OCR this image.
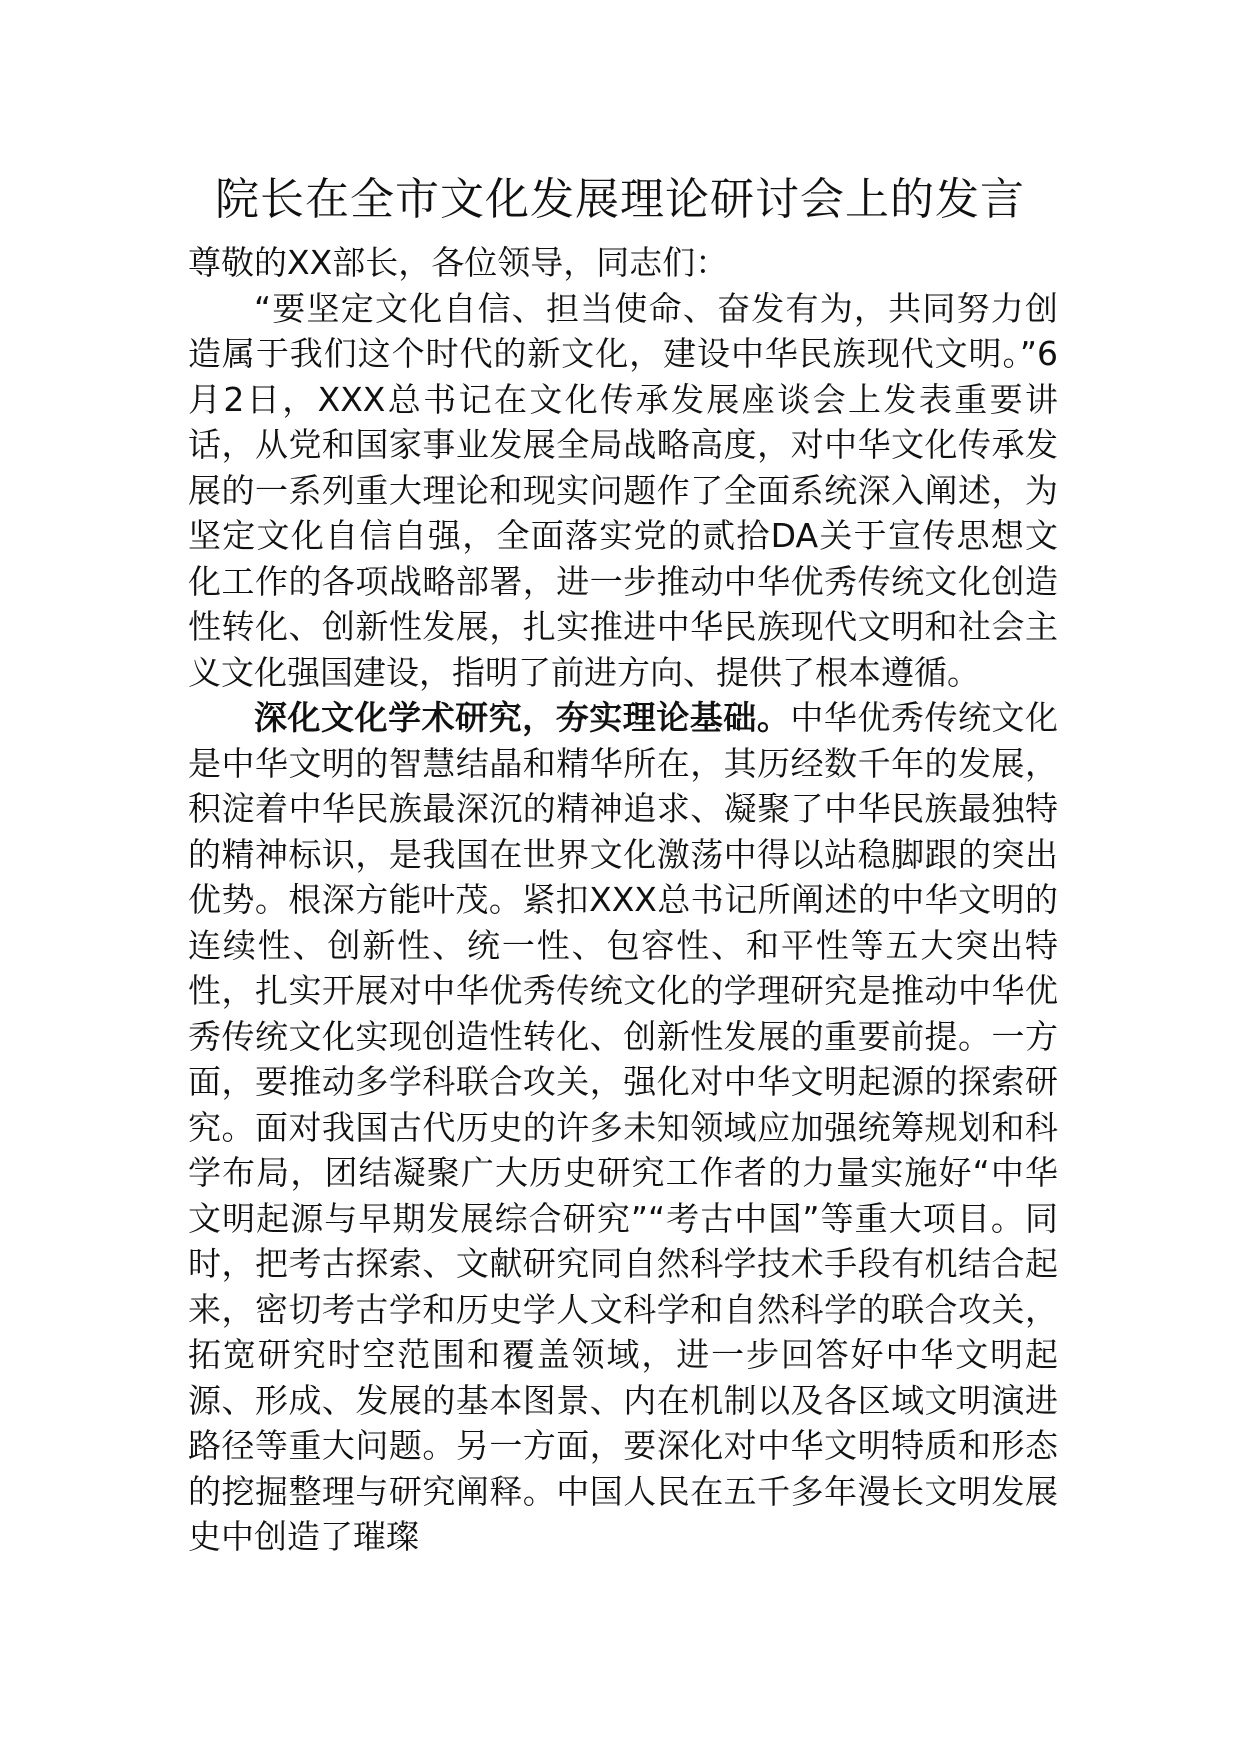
院长在全市文化发展理论研讨会上的发言

尊敬的XX部长，各位领导，同志们：

“要坚定文化自信、担当使命、奋发有为，共同努力创造属于我们这个时代的新文化，建设中华民族现代文明。”6月2日，XXX总书记在文化传承发展座谈会上发表重要讲话，从党和国家事业发展全局战略高度，对中华文化传承发展的一系列重大理论和现实问题作了全面系统深入阐述，为坚定文化自信自强，全面落实党的贰拾DA关于宣传思想文化工作的各项战略部署，进一步推动中华优秀传统文化创造性转化、创新性发展，扎实推进中华民族现代文明和社会主义文化强国建设，指明了前进方向、提供了根本遵循。

深化文化学术研究，夯实理论基础。中华优秀传统文化是中华文明的智慧结晶和精华所在，其历经数千年的发展，积淀着中华民族最深沉的精神追求、凝聚了中华民族最独特的精神标识，是我国在世界文化激荡中得以站稳脚跟的突出优势。根深方能叶茂。紧扣XXX总书记所阐述的中华文明的连续性、创新性、统一性、包容性、和平性等五大突出特性，扎实开展对中华优秀传统文化的学理研究是推动中华优秀传统文化实现创造性转化、创新性发展的重要前提。一方面，要推动多学科联合攻关，强化对中华文明起源的探索研究。面对我国古代历史的许多未知领域应加强统筹规划和科学布局，团结凝聚广大历史研究工作者的力量实施好“中华文明起源与早期发展综合研究”“考古中国”等重大项目。同时，把考古探索、文献研究同自然科学技术手段有机结合起来，密切考古学和历史学人文科学和自然科学的联合攻关，拓宽研究时空范围和覆盖领域，进一步回答好中华文明起源、形成、发展的基本图景、内在机制以及各区域文明演进路径等重大问题。另一方面，要深化对中华文明特质和形态的挖掘整理与研究阐释。中国人民在五千多年漫长文明发展史中创造了璀璨
